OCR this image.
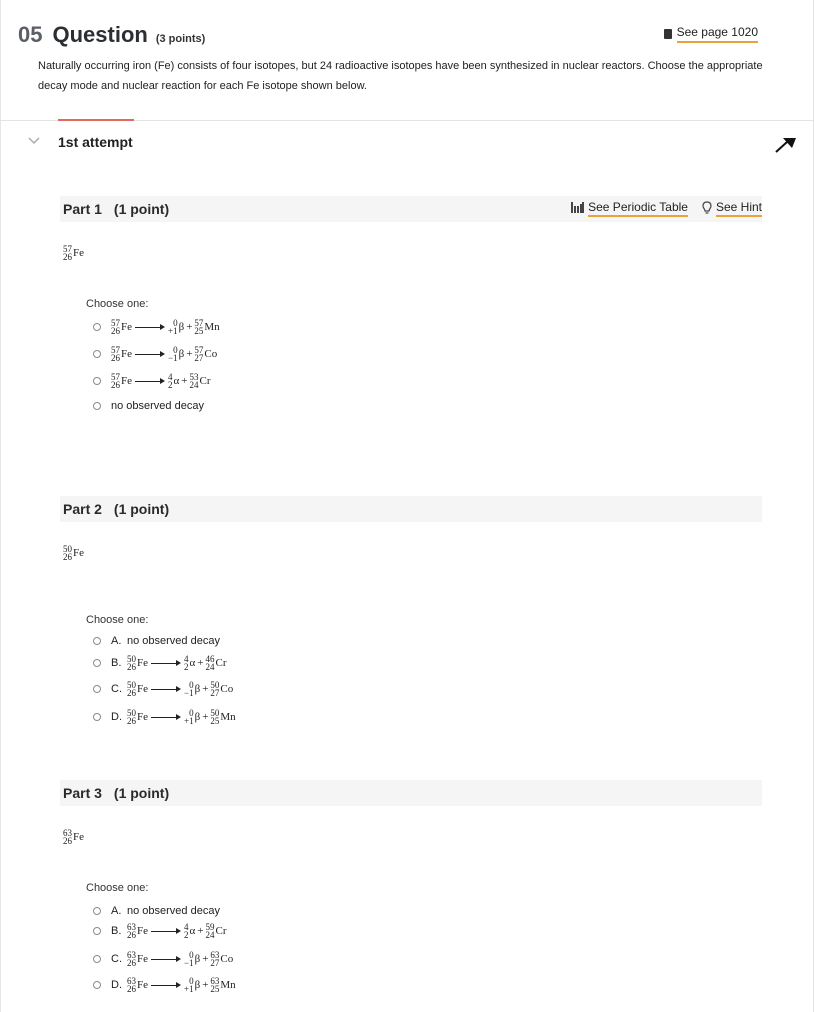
05 Question (3 points)	See page 1020
Naturally occurring iron (Fe) consists of four isotopes, but 24 radioactive isotopes have been synthesized in nuclear reactors. Choose the appropriate decay mode and nuclear reaction for each Fe isotope shown below.
1st attempt
Part 1 (1 point)	See Periodic Table See Hint
57
26 Fe
Choose one:
57
26 Fe	0
+1 β + 57
25 Mn
57
26 Fe	0
−1 β + 57
27 Co
57
26 Fe	4
2 α + 53
24 Cr
no observed decay
Part 2 (1 point)
50
26 Fe
Choose one:
A. no observed decay
B. 50
26 Fe	4
2 α + 46
24 Cr
C. 50
26 Fe	0
−1 β + 50
27 Co
D. 50
26 Fe	0
+1 β + 50
25 Mn
Part 3 (1 point)
63
26 Fe
Choose one:
A. no observed decay
B. 63
26 Fe	4
2 α + 59
24 Cr
C. 63
26 Fe	0
−1 β + 63
27 Co
D. 63
26 Fe	0
+1 β + 63
25 Mn
